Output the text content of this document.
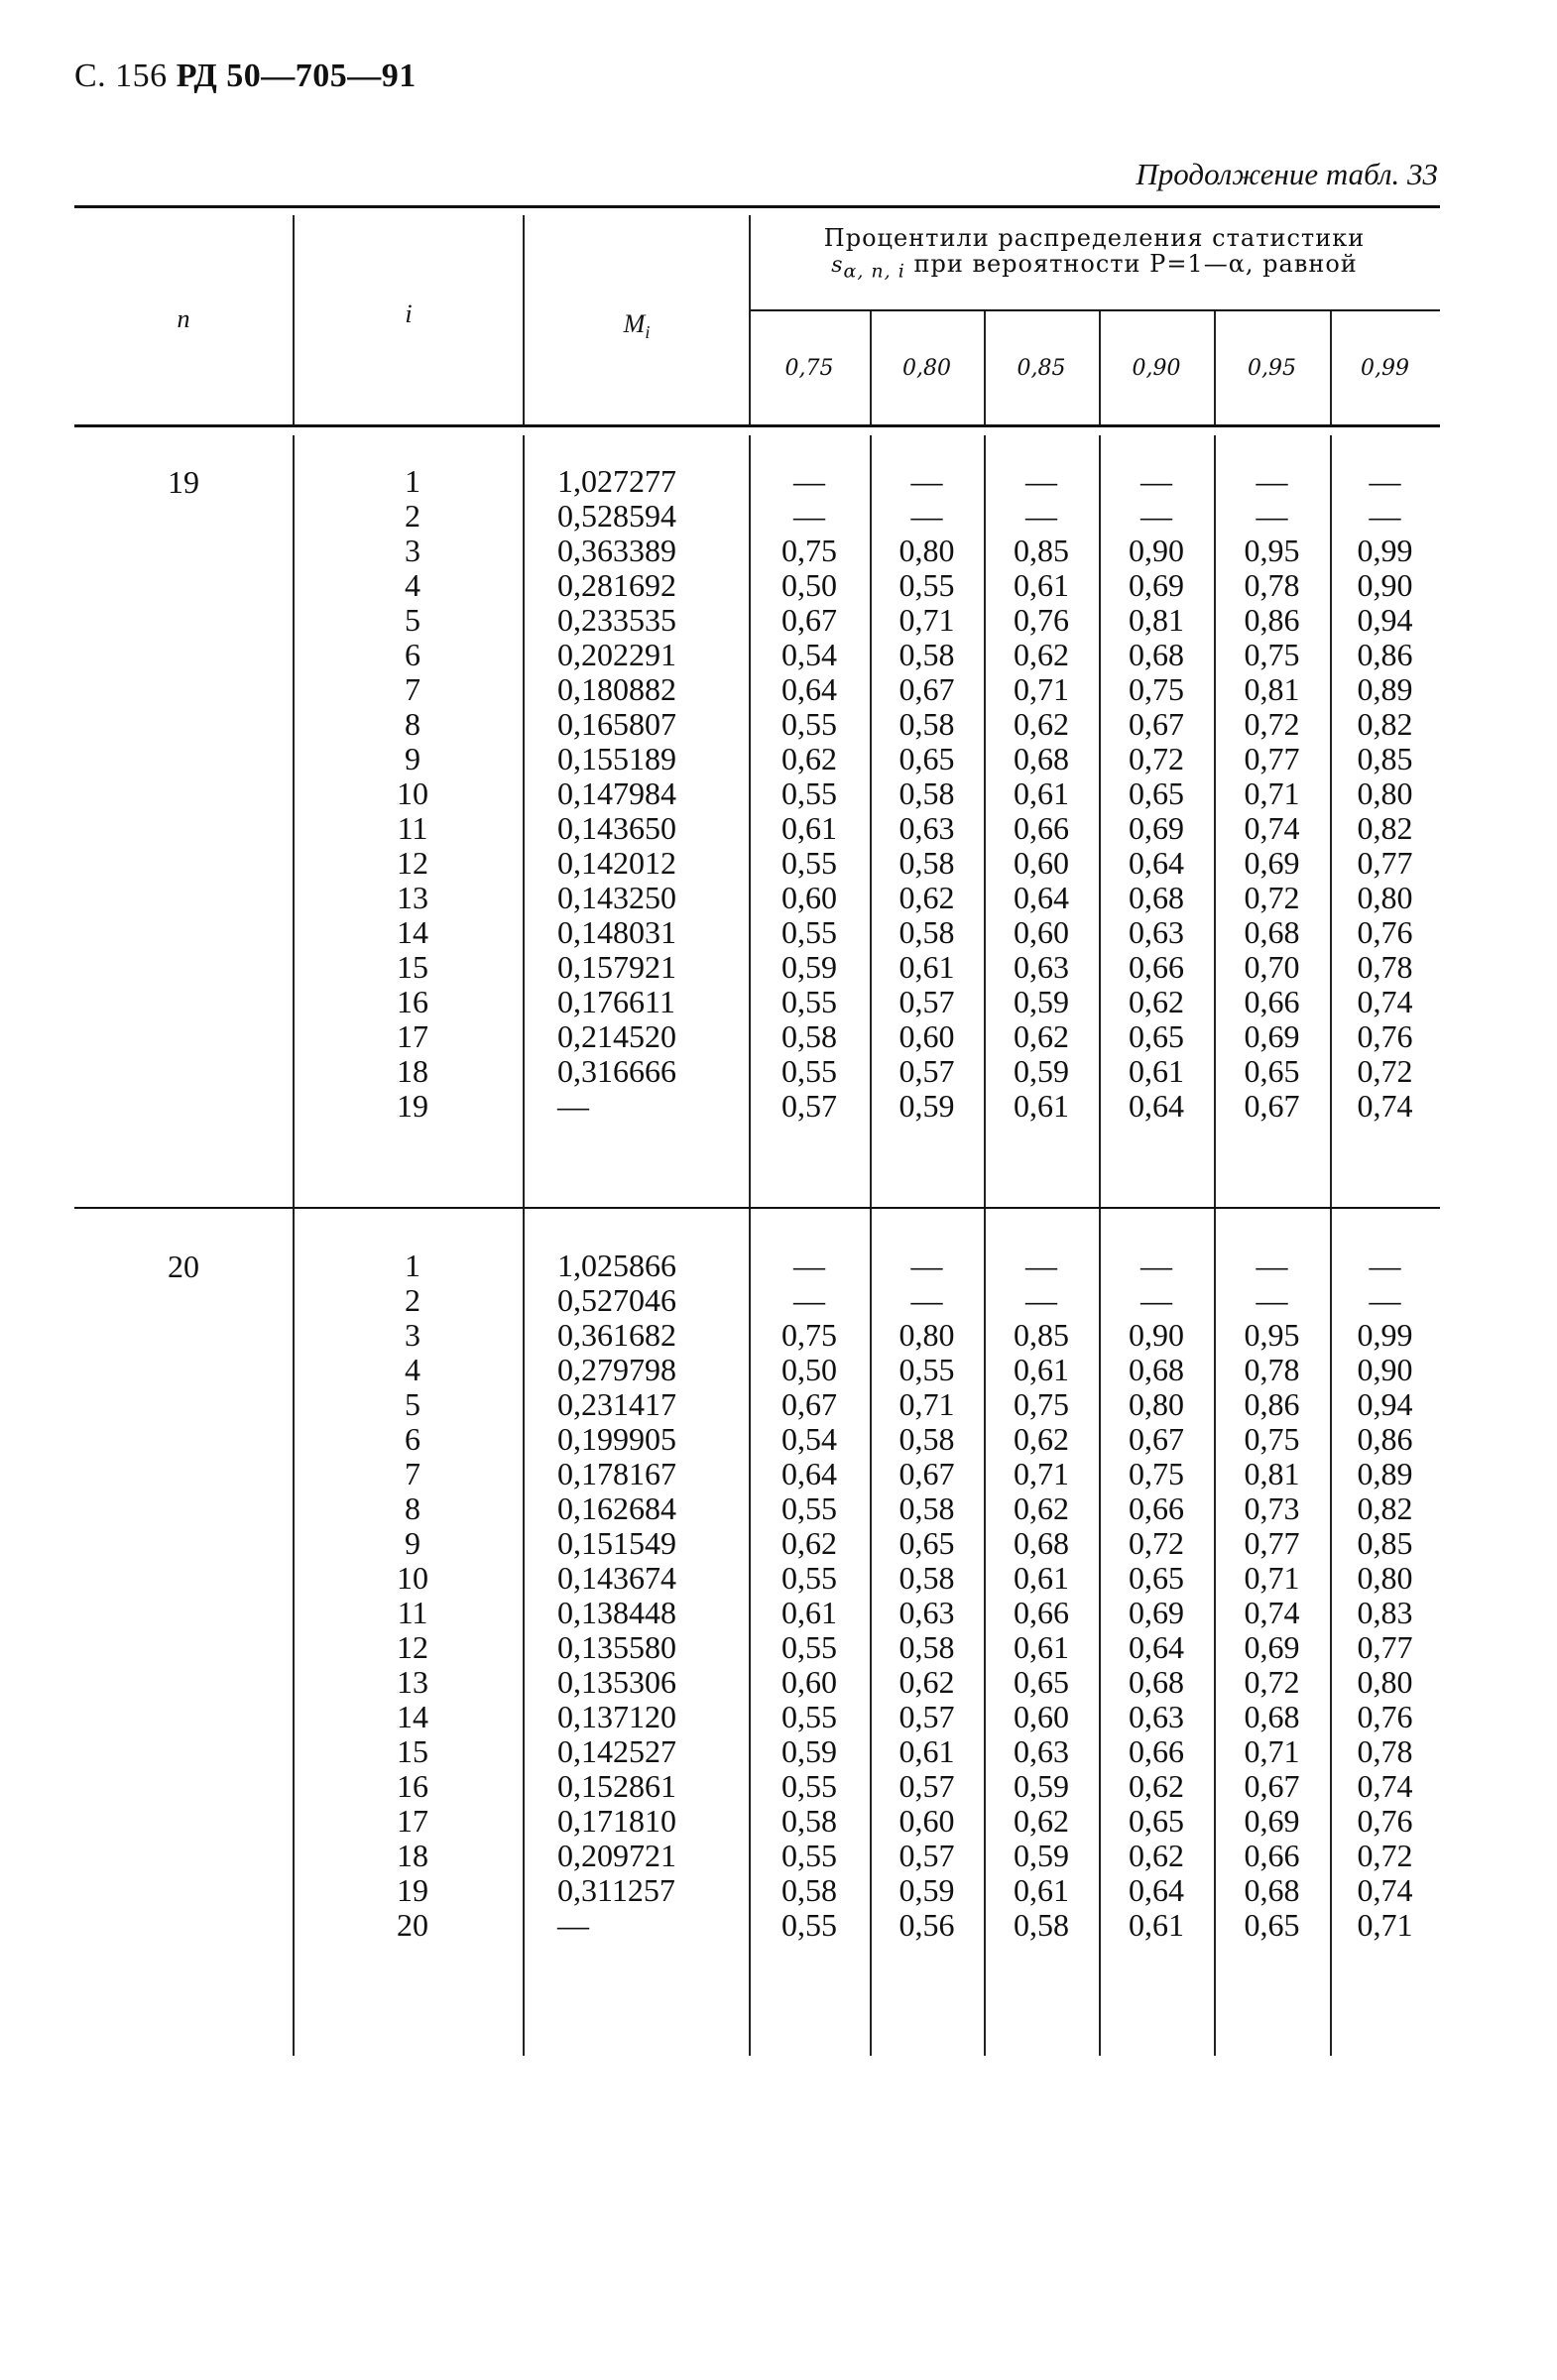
С. 156 РД 50—705—91
Продолжение табл. 33
n	i	$M_i$
Процентили распределения статистики
$s_{\alpha, n, i}$ при вероятности P=1—α, равной
0,75	0,80	0,85	0,90	0,95	0,99
19	1	1,027277	—	—	—	—	—	—
2	0,528594	—	—	—	—	—	—
3	0,363389	0,75	0,80	0,85	0,90	0,95	0,99
4	0,281692	0,50	0,55	0,61	0,69	0,78	0,90
5	0,233535	0,67	0,71	0,76	0,81	0,86	0,94
6	0,202291	0,54	0,58	0,62	0,68	0,75	0,86
7	0,180882	0,64	0,67	0,71	0,75	0,81	0,89
8	0,165807	0,55	0,58	0,62	0,67	0,72	0,82
9	0,155189	0,62	0,65	0,68	0,72	0,77	0,85
10	0,147984	0,55	0,58	0,61	0,65	0,71	0,80
11	0,143650	0,61	0,63	0,66	0,69	0,74	0,82
12	0,142012	0,55	0,58	0,60	0,64	0,69	0,77
13	0,143250	0,60	0,62	0,64	0,68	0,72	0,80
14	0,148031	0,55	0,58	0,60	0,63	0,68	0,76
15	0,157921	0,59	0,61	0,63	0,66	0,70	0,78
16	0,176611	0,55	0,57	0,59	0,62	0,66	0,74
17	0,214520	0,58	0,60	0,62	0,65	0,69	0,76
18	0,316666	0,55	0,57	0,59	0,61	0,65	0,72
19	—	0,57	0,59	0,61	0,64	0,67	0,74
20	1	1,025866	—	—	—	—	—	—
2	0,527046	—	—	—	—	—	—
3	0,361682	0,75	0,80	0,85	0,90	0,95	0,99
4	0,279798	0,50	0,55	0,61	0,68	0,78	0,90
5	0,231417	0,67	0,71	0,75	0,80	0,86	0,94
6	0,199905	0,54	0,58	0,62	0,67	0,75	0,86
7	0,178167	0,64	0,67	0,71	0,75	0,81	0,89
8	0,162684	0,55	0,58	0,62	0,66	0,73	0,82
9	0,151549	0,62	0,65	0,68	0,72	0,77	0,85
10	0,143674	0,55	0,58	0,61	0,65	0,71	0,80
11	0,138448	0,61	0,63	0,66	0,69	0,74	0,83
12	0,135580	0,55	0,58	0,61	0,64	0,69	0,77
13	0,135306	0,60	0,62	0,65	0,68	0,72	0,80
14	0,137120	0,55	0,57	0,60	0,63	0,68	0,76
15	0,142527	0,59	0,61	0,63	0,66	0,71	0,78
16	0,152861	0,55	0,57	0,59	0,62	0,67	0,74
17	0,171810	0,58	0,60	0,62	0,65	0,69	0,76
18	0,209721	0,55	0,57	0,59	0,62	0,66	0,72
19	0,311257	0,58	0,59	0,61	0,64	0,68	0,74
20	—	0,55	0,56	0,58	0,61	0,65	0,71
